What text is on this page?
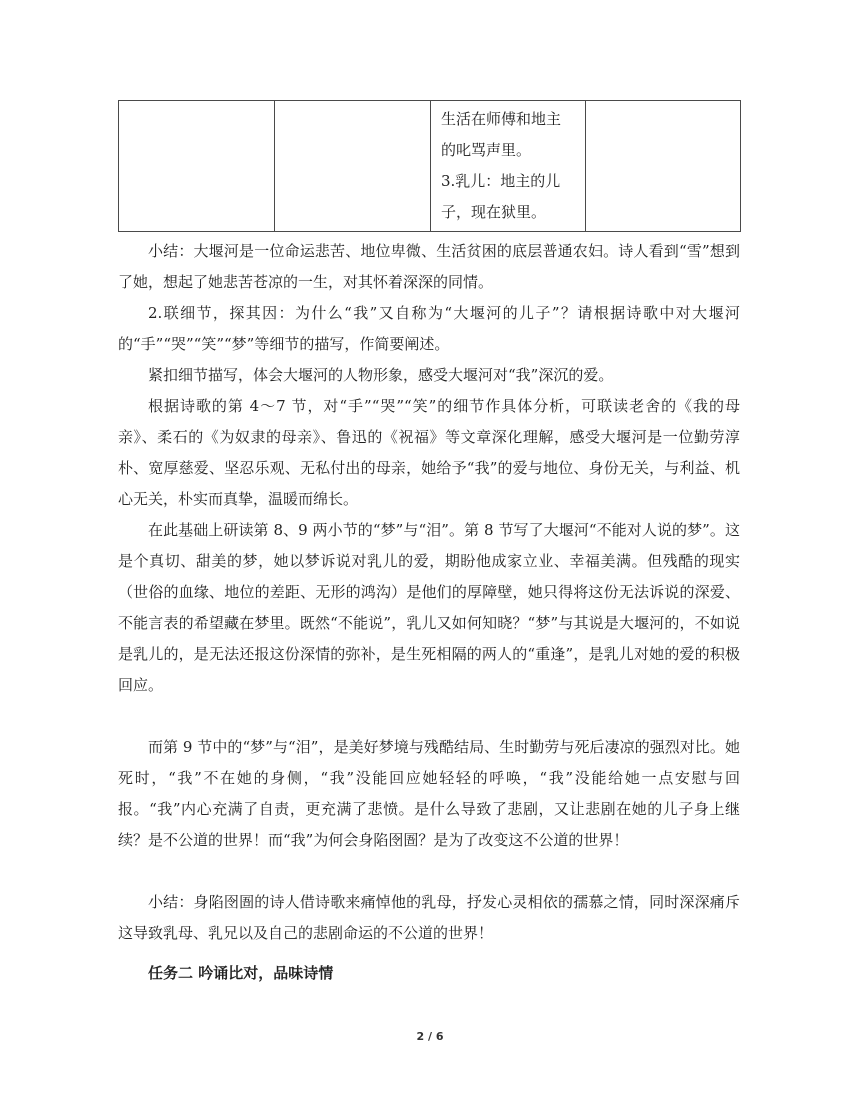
生活在师傅和地主
的叱骂声里。
3.乳儿：地主的儿
子，现在狱里。

小结：大堰河是一位命运悲苦、地位卑微、生活贫困的底层普通农妇。诗人看到“雪”想到了她，想起了她悲苦苍凉的一生，对其怀着深深的同情。

2.联细节，探其因：为什么“我”又自称为“大堰河的儿子”？请根据诗歌中对大堰河的“手”“哭”“笑”“梦”等细节的描写，作简要阐述。

紧扣细节描写，体会大堰河的人物形象，感受大堰河对“我”深沉的爱。

根据诗歌的第 4～7 节，对“手”“哭”“笑”的细节作具体分析，可联读老舍的《我的母亲》、柔石的《为奴隶的母亲》、鲁迅的《祝福》等文章深化理解，感受大堰河是一位勤劳淳朴、宽厚慈爱、坚忍乐观、无私付出的母亲，她给予“我”的爱与地位、身份无关，与利益、机心无关，朴实而真挚，温暖而绵长。

在此基础上研读第 8、9 两小节的“梦”与“泪”。第 8 节写了大堰河“不能对人说的梦”。这是个真切、甜美的梦，她以梦诉说对乳儿的爱，期盼他成家立业、幸福美满。但残酷的现实（世俗的血缘、地位的差距、无形的鸿沟）是他们的厚障壁，她只得将这份无法诉说的深爱、不能言表的希望藏在梦里。既然“不能说”，乳儿又如何知晓？“梦”与其说是大堰河的，不如说是乳儿的，是无法还报这份深情的弥补，是生死相隔的两人的“重逢”，是乳儿对她的爱的积极回应。

而第 9 节中的“梦”与“泪”，是美好梦境与残酷结局、生时勤劳与死后凄凉的强烈对比。她死时，“我”不在她的身侧，“我”没能回应她轻轻的呼唤，“我”没能给她一点安慰与回报。“我”内心充满了自责，更充满了悲愤。是什么导致了悲剧，又让悲剧在她的儿子身上继续？是不公道的世界！而“我”为何会身陷囹圄？是为了改变这不公道的世界！

小结：身陷囹圄的诗人借诗歌来痛悼他的乳母，抒发心灵相依的孺慕之情，同时深深痛斥这导致乳母、乳兄以及自己的悲剧命运的不公道的世界！

任务二 吟诵比对，品味诗情

2 / 6
